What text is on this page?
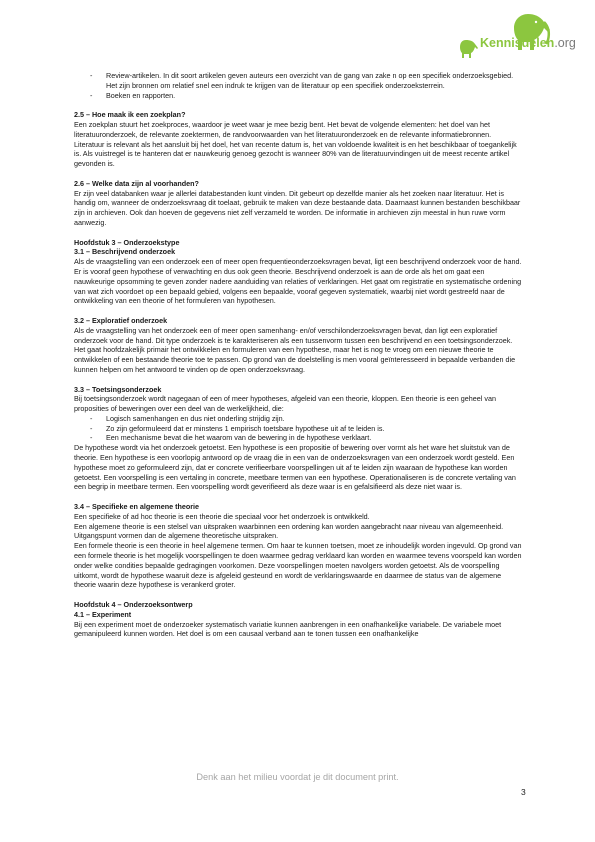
Kennisdelen.org

- Review-artikelen. In dit soort artikelen geven auteurs een overzicht van de gang van zake n op een specifiek onderzoeksgebied. Het zijn bronnen om relatief snel een indruk te krijgen van de literatuur op een specifiek onderzoeksterrein.

- Boeken en rapporten.

2.5 – Hoe maak ik een zoekplan?

Een zoekplan stuurt het zoekproces, waardoor je weet waar je mee bezig bent. Het bevat de volgende elementen: het doel van het literatuuronderzoek, de relevante zoektermen, de randvoorwaarden van het literatuuronderzoek en de relevante informatiebronnen.

Literatuur is relevant als het aansluit bij het doel, het van recente datum is, het van voldoende kwaliteit is en het beschikbaar of toegankelijk is. Als vuistregel is te hanteren dat er nauwkeurig genoeg gezocht is wanneer 80% van de literatuurvindingen uit de meest recente artikel gevonden is.

2.6 – Welke data zijn al voorhanden?

Er zijn veel databanken waar je allerlei databestanden kunt vinden. Dit gebeurt op dezelfde manier als het zoeken naar literatuur. Het is handig om, wanneer de onderzoeksvraag dit toelaat, gebruik te maken van deze bestaande data. Daarnaast kunnen bestanden beschikbaar zijn in archieven. Ook dan hoeven de gegevens niet zelf verzameld te worden. De informatie in archieven zijn meestal in hun ruwe vorm aanwezig.

Hoofdstuk 3 – Onderzoekstype

3.1 – Beschrijvend onderzoek

Als de vraagstelling van een onderzoek een of meer open frequentieonderzoeksvragen bevat, ligt een beschrijvend onderzoek voor de hand. Er is vooraf geen hypothese of verwachting en dus ook geen theorie. Beschrijvend onderzoek is aan de orde als het om gaat een nauwkeurige opsomming te geven zonder nadere aanduiding van relaties of verklaringen. Het gaat om registratie en systematische ordening van wat zich voordoet op een bepaald gebied, volgens een bepaalde, vooraf gegeven systematiek, waarbij niet wordt gestreefd naar de ontwikkeling van een theorie of het formuleren van hypothesen.

3.2 – Exploratief onderzoek

Als de vraagstelling van het onderzoek een of meer open samenhang- en/of verschilonderzoeksvragen bevat, dan ligt een exploratief onderzoek voor de hand. Dit type onderzoek is te karakteriseren als een tussenvorm tussen een beschrijvend en een toetsingsonderzoek. Het gaat hoofdzakelijk primair het ontwikkelen en formuleren van een hypothese, maar het is nog te vroeg om een nieuwe theorie te ontwikkelen of een bestaande theorie toe te passen. Op grond van de doelstelling is men vooral geïnteresseerd in bepaalde verbanden die kunnen helpen om het antwoord te vinden op de open onderzoeksvraag.

3.3 – Toetsingsonderzoek

Bij toetsingsonderzoek wordt nagegaan of een of meer hypotheses, afgeleid van een theorie, kloppen. Een theorie is een geheel van proposities of beweringen over een deel van de werkelijkheid, die:

- Logisch samenhangen en dus niet onderling strijdig zijn.

- Zo zijn geformuleerd dat er minstens 1 empirisch toetsbare hypothese uit af te leiden is.

- Een mechanisme bevat die het waarom van de bewering in de hypothese verklaart.

De hypothese wordt via het onderzoek getoetst. Een hypothese is een propositie of bewering over vormt als het ware het sluitstuk van de theorie. Een hypothese is een voorlopig antwoord op de vraag die in een van de onderzoeksvragen van een onderzoek wordt gesteld. Een hypothese moet zo geformuleerd zijn, dat er concrete verifieerbare voorspellingen uit af te leiden zijn waaraan de hypothese kan worden getoetst. Een voorspelling is een vertaling in concrete, meetbare termen van een hypothese. Operationaliseren is de concrete vertaling van een begrip in meetbare termen. Een voorspelling wordt geverifieerd als deze waar is en gefalsifieerd als deze niet waar is.

3.4 – Specifieke en algemene theorie

Een specifieke of ad hoc theorie is een theorie die speciaal voor het onderzoek is ontwikkeld.

Een algemene theorie is een stelsel van uitspraken waarbinnen een ordening kan worden aangebracht naar niveau van algemeenheid. Uitgangspunt vormen dan de algemene theoretische uitspraken.

Een formele theorie is een theorie in heel algemene termen. Om haar te kunnen toetsen, moet ze inhoudelijk worden ingevuld. Op grond van een formele theorie is het mogelijk voorspellingen te doen waarmee gedrag verklaard kan worden en waarmee tevens voorspeld kan worden onder welke condities bepaalde gedragingen voorkomen. Deze voorspellingen moeten navolgers worden getoetst. Als de voorspelling uitkomt, wordt de hypothese waaruit deze is afgeleid gesteund en wordt de verklaringswaarde en daarmee de status van de algemene theorie waarin deze hypothese is verankerd groter.

Hoofdstuk 4 – Onderzoeksontwerp

4.1 – Experiment

Bij een experiment moet de onderzoeker systematisch variatie kunnen aanbrengen in een onafhankelijke variabele. De variabele moet gemanipuleerd kunnen worden. Het doel is om een causaal verband aan te tonen tussen een onafhankelijke

Denk aan het milieu voordat je dit document print.
3
